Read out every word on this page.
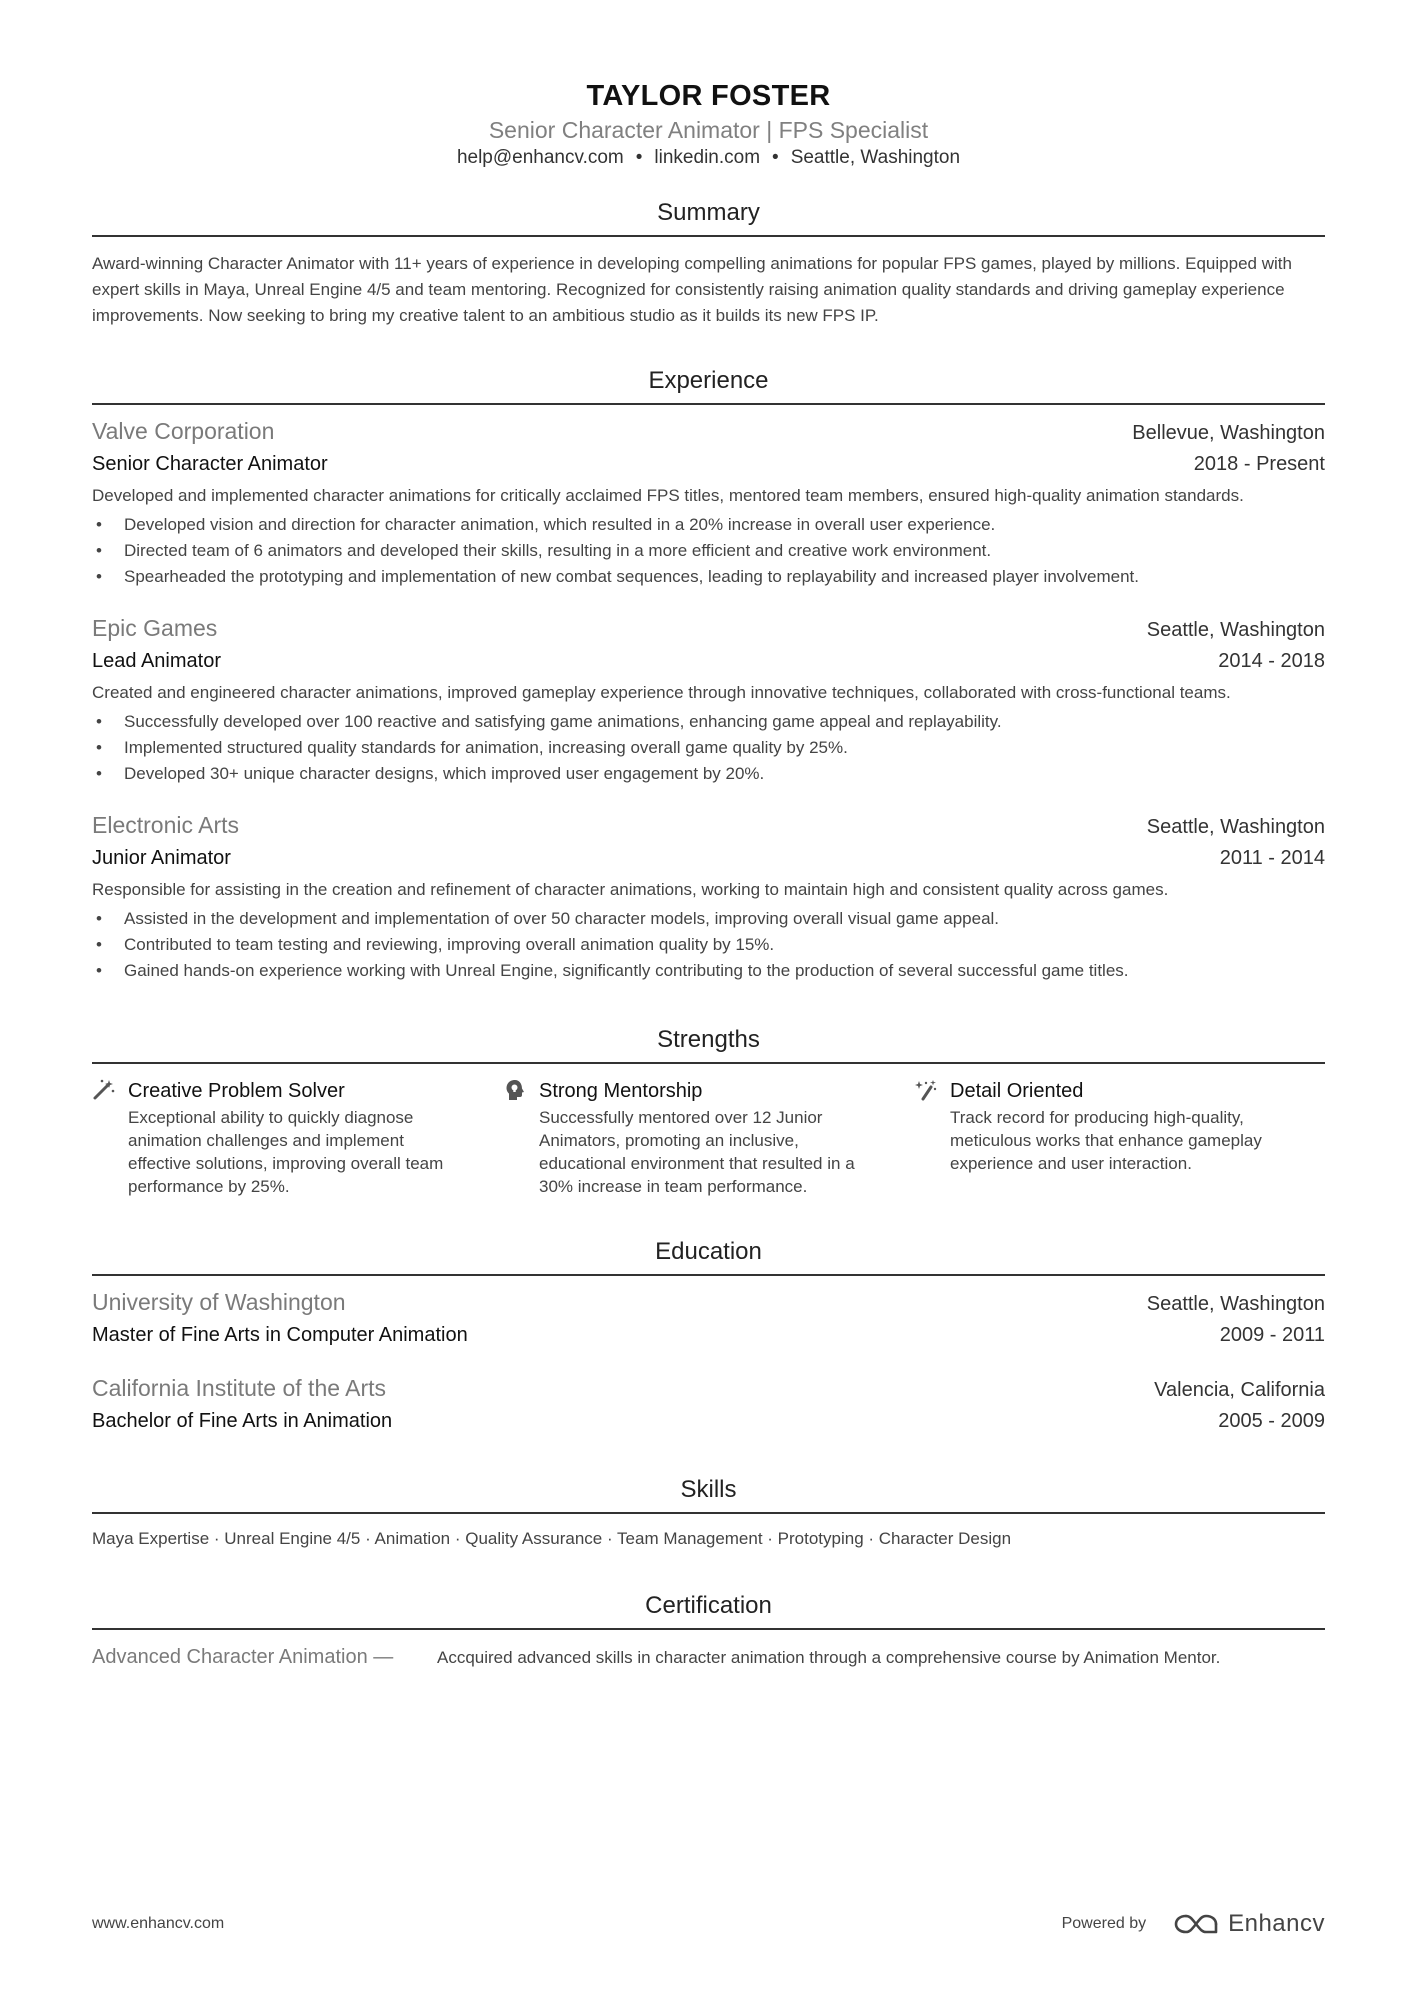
TAYLOR FOSTER
Senior Character Animator | FPS Specialist
help@enhancv.com • linkedin.com • Seattle, Washington
Summary
Award-winning Character Animator with 11+ years of experience in developing compelling animations for popular FPS games, played by millions. Equipped with expert skills in Maya, Unreal Engine 4/5 and team mentoring. Recognized for consistently raising animation quality standards and driving gameplay experience improvements. Now seeking to bring my creative talent to an ambitious studio as it builds its new FPS IP.
Experience
Valve Corporation	Bellevue, Washington
Senior Character Animator	2018 - Present
Developed and implemented character animations for critically acclaimed FPS titles, mentored team members, ensured high-quality animation standards.
• Developed vision and direction for character animation, which resulted in a 20% increase in overall user experience.
• Directed team of 6 animators and developed their skills, resulting in a more efficient and creative work environment.
• Spearheaded the prototyping and implementation of new combat sequences, leading to replayability and increased player involvement.
Epic Games	Seattle, Washington
Lead Animator	2014 - 2018
Created and engineered character animations, improved gameplay experience through innovative techniques, collaborated with cross-functional teams.
• Successfully developed over 100 reactive and satisfying game animations, enhancing game appeal and replayability.
• Implemented structured quality standards for animation, increasing overall game quality by 25%.
• Developed 30+ unique character designs, which improved user engagement by 20%.
Electronic Arts	Seattle, Washington
Junior Animator	2011 - 2014
Responsible for assisting in the creation and refinement of character animations, working to maintain high and consistent quality across games.
• Assisted in the development and implementation of over 50 character models, improving overall visual game appeal.
• Contributed to team testing and reviewing, improving overall animation quality by 15%.
• Gained hands-on experience working with Unreal Engine, significantly contributing to the production of several successful game titles.
Strengths
Creative Problem Solver
Exceptional ability to quickly diagnose animation challenges and implement effective solutions, improving overall team performance by 25%.
Strong Mentorship
Successfully mentored over 12 Junior Animators, promoting an inclusive, educational environment that resulted in a 30% increase in team performance.
Detail Oriented
Track record for producing high-quality, meticulous works that enhance gameplay experience and user interaction.
Education
University of Washington	Seattle, Washington
Master of Fine Arts in Computer Animation	2009 - 2011
California Institute of the Arts	Valencia, California
Bachelor of Fine Arts in Animation	2005 - 2009
Skills
Maya Expertise · Unreal Engine 4/5 · Animation · Quality Assurance · Team Management · Prototyping · Character Design
Certification
Advanced Character Animation —	Accquired advanced skills in character animation through a comprehensive course by Animation Mentor.
www.enhancv.com	Powered by	Enhancv
